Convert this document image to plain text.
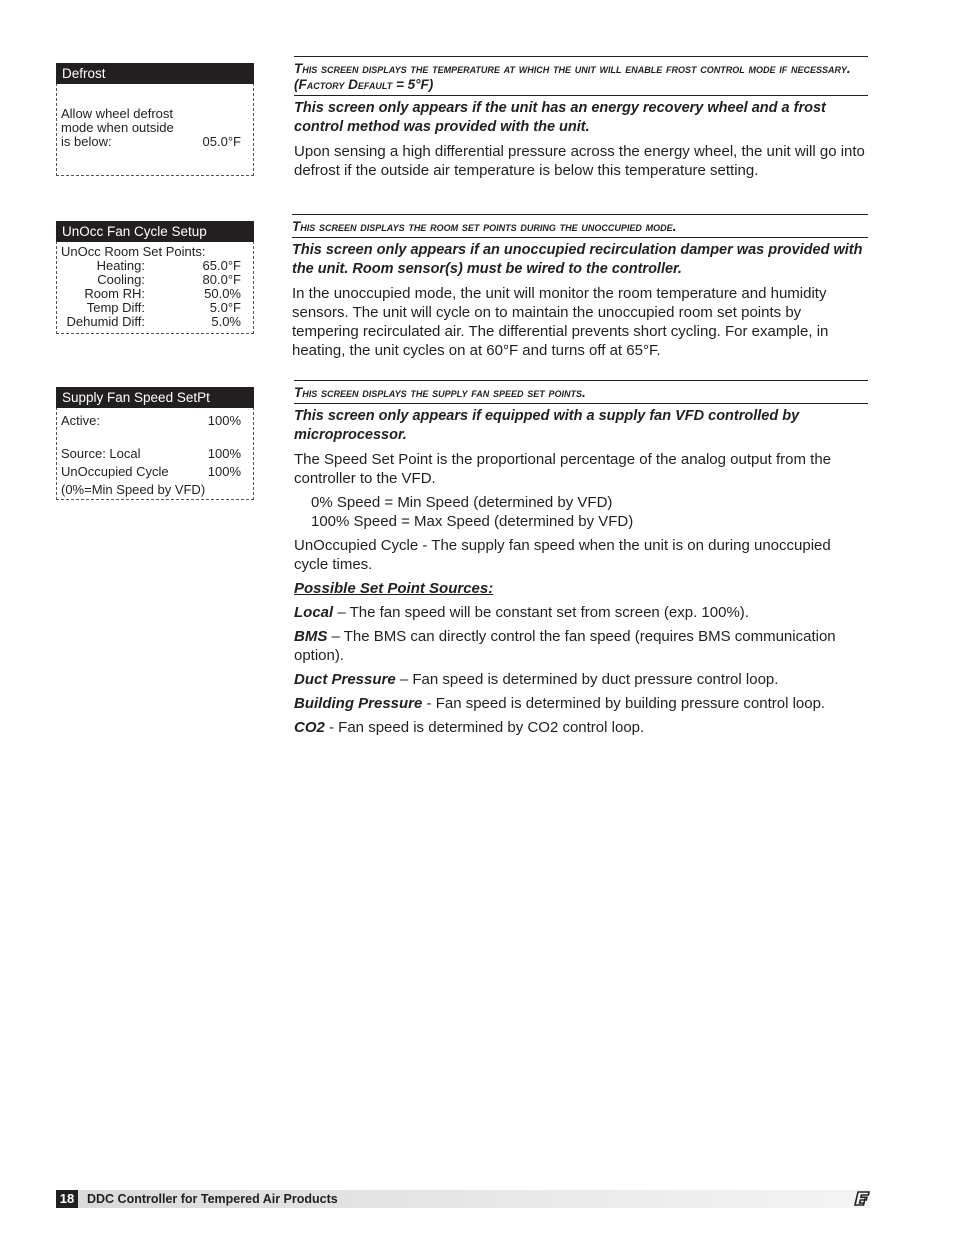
Defrost
Allow wheel defrost
mode when outside
is below:	05.0°F
UnOcc Fan Cycle Setup
UnOcc Room Set Points:
Heating:	65.0°F
Cooling:	80.0°F
Room RH:	50.0%
Temp Diff:	5.0°F
Dehumid Diff:	5.0%
Supply Fan Speed SetPt
Active:	100%
Source: Local	100%
UnOccupied Cycle	100%
(0%=Min Speed by VFD)
This screen displays the temperature at which the unit will enable frost control mode if necessary. (Factory Default = 5°F)
This screen only appears if the unit has an energy recovery wheel and a frost control method was provided with the unit.
Upon sensing a high differential pressure across the energy wheel, the unit will go into defrost if the outside air temperature is below this temperature setting.
This screen displays the room set points during the unoccupied mode.
This screen only appears if an unoccupied recirculation damper was provided with the unit. Room sensor(s) must be wired to the controller.
In the unoccupied mode, the unit will monitor the room temperature and humidity sensors. The unit will cycle on to maintain the unoccupied room set points by tempering recirculated air. The differential prevents short cycling. For example, in heating, the unit cycles on at 60°F and turns off at 65°F.
This screen displays the supply fan speed set points.
This screen only appears if equipped with a supply fan VFD controlled by microprocessor.
The Speed Set Point is the proportional percentage of the analog output from the controller to the VFD.
0% Speed = Min Speed (determined by VFD)
100% Speed = Max Speed (determined by VFD)
UnOccupied Cycle - The supply fan speed when the unit is on during unoccupied cycle times.
Possible Set Point Sources:
Local – The fan speed will be constant set from screen (exp. 100%).
BMS – The BMS can directly control the fan speed (requires BMS communication option).
Duct Pressure – Fan speed is determined by duct pressure control loop.
Building Pressure - Fan speed is determined by building pressure control loop.
CO2 - Fan speed is determined by CO2 control loop.
18	DDC Controller for Tempered Air Products
